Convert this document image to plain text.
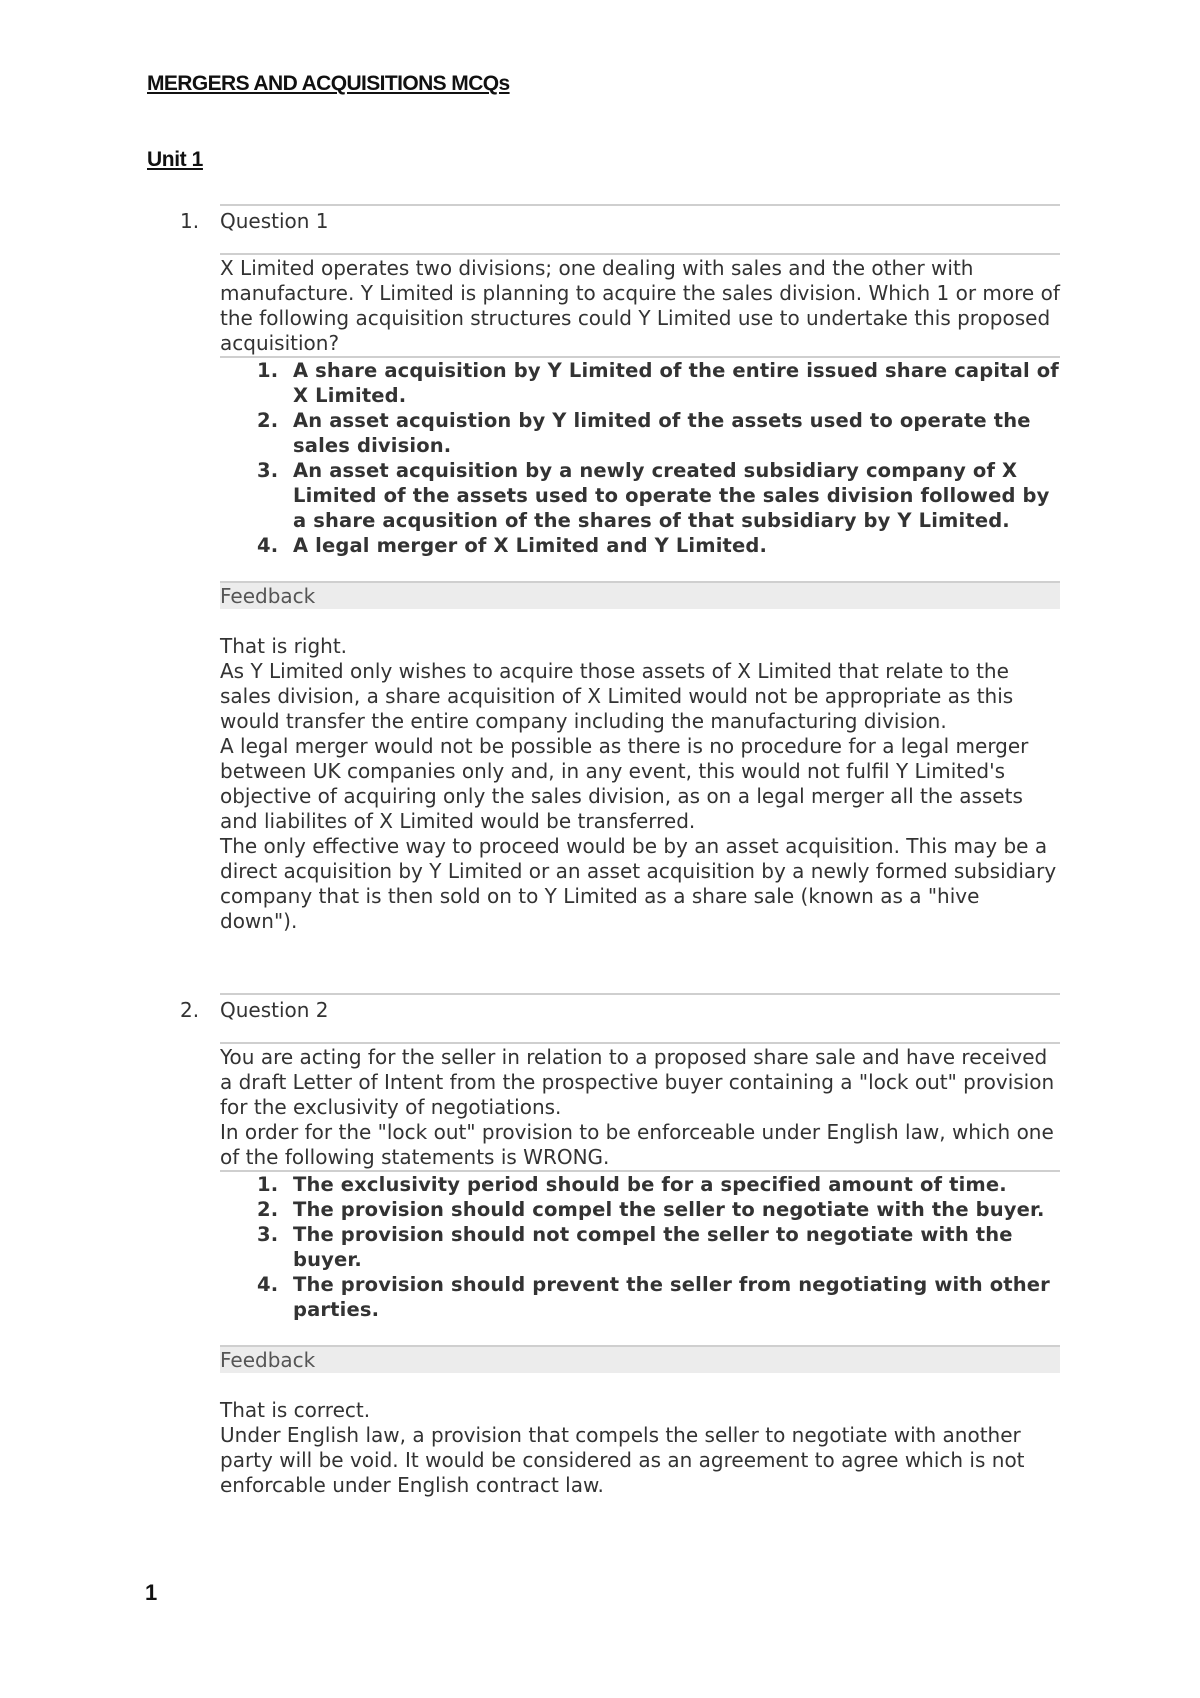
MERGERS AND ACQUISITIONS MCQs
Unit 1
1. Question 1

X Limited operates two divisions; one dealing with sales and the other with manufacture. Y Limited is planning to acquire the sales division. Which 1 or more of the following acquisition structures could Y Limited use to undertake this proposed acquisition?

1. A share acquisition by Y Limited of the entire issued share capital of X Limited.
2. An asset acquistion by Y limited of the assets used to operate the sales division.
3. An asset acquisition by a newly created subsidiary company of X Limited of the assets used to operate the sales division followed by a share acqusition of the shares of that subsidiary by Y Limited.
4. A legal merger of X Limited and Y Limited.
Feedback

That is right.

As Y Limited only wishes to acquire those assets of X Limited that relate to the sales division, a share acquisition of X Limited would not be appropriate as this would transfer the entire company including the manufacturing division.

A legal merger would not be possible as there is no procedure for a legal merger between UK companies only and, in any event, this would not fulfil Y Limited's objective of acquiring only the sales division, as on a legal merger all the assets and liabilites of X Limited would be transferred.

The only effective way to proceed would be by an asset acquisition. This may be a direct acquisition by Y Limited or an asset acquisition by a newly formed subsidiary company that is then sold on to Y Limited as a share sale (known as a "hive down").

2. Question 2

You are acting for the seller in relation to a proposed share sale and have received a draft Letter of Intent from the prospective buyer containing a "lock out" provision for the exclusivity of negotiations.

In order for the "lock out" provision to be enforceable under English law, which one of the following statements is WRONG.

1. The exclusivity period should be for a specified amount of time.
2. The provision should compel the seller to negotiate with the buyer.
3. The provision should not compel the seller to negotiate with the buyer.
4. The provision should prevent the seller from negotiating with other parties.
Feedback

That is correct.

Under English law, a provision that compels the seller to negotiate with another party will be void. It would be considered as an agreement to agree which is not enforcable under English contract law.

1
